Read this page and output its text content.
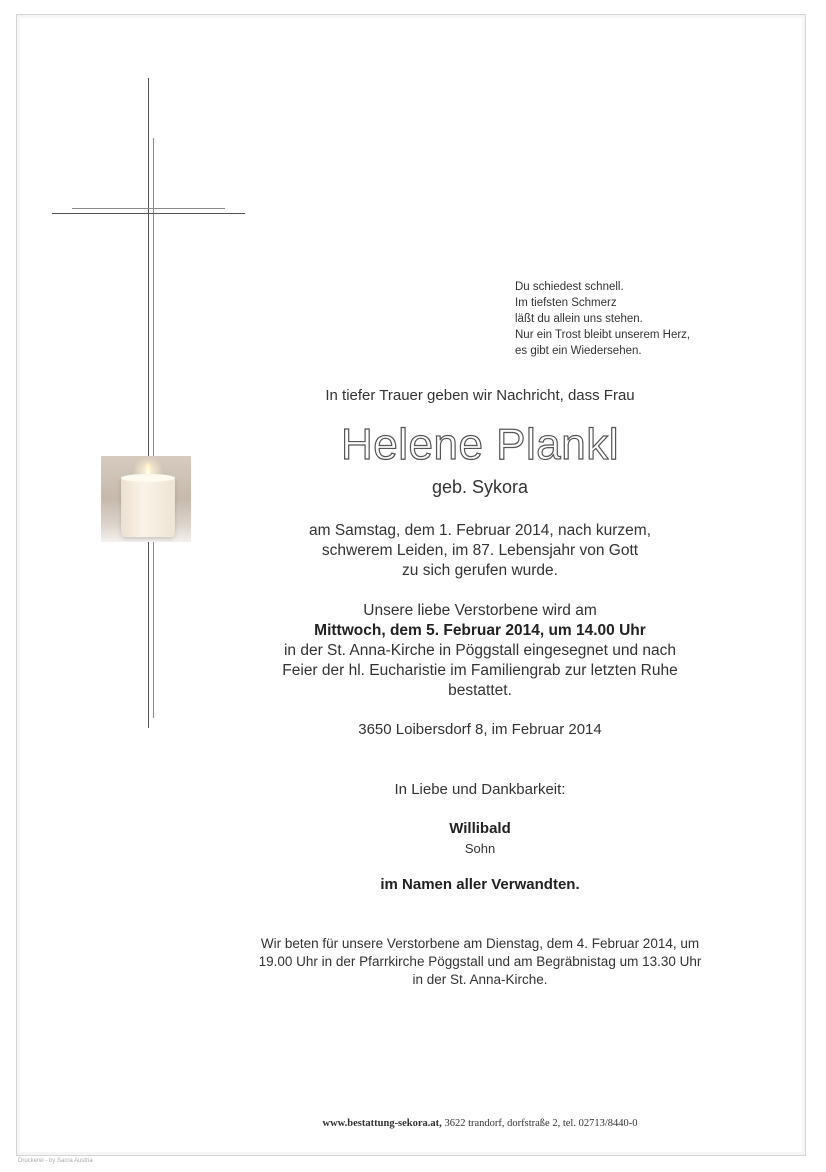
Du schiedest schnell.
Im tiefsten Schmerz
läßt du allein uns stehen.
Nur ein Trost bleibt unserem Herz,
es gibt ein Wiedersehen.
In tiefer Trauer geben wir Nachricht, dass Frau
Helene Plankl
geb. Sykora
am Samstag, dem 1. Februar 2014, nach kurzem,
schwerem Leiden, im 87. Lebensjahr von Gott
zu sich gerufen wurde.
Unsere liebe Verstorbene wird am
Mittwoch, dem 5. Februar 2014, um 14.00 Uhr
in der St. Anna-Kirche in Pöggstall eingesegnet und nach
Feier der hl. Eucharistie im Familiengrab zur letzten Ruhe
bestattet.
3650 Loibersdorf 8, im Februar 2014
In Liebe und Dankbarkeit:
Willibald
Sohn
im Namen aller Verwandten.
Wir beten für unsere Verstorbene am Dienstag, dem 4. Februar 2014, um
19.00 Uhr in der Pfarrkirche Pöggstall und am Begräbnistag um 13.30 Uhr
in der St. Anna-Kirche.
www.bestattung-sekora.at, 3622 trandorf, dorfstraße 2, tel. 02713/8440-0
Druckerei - by Sacra Austria
